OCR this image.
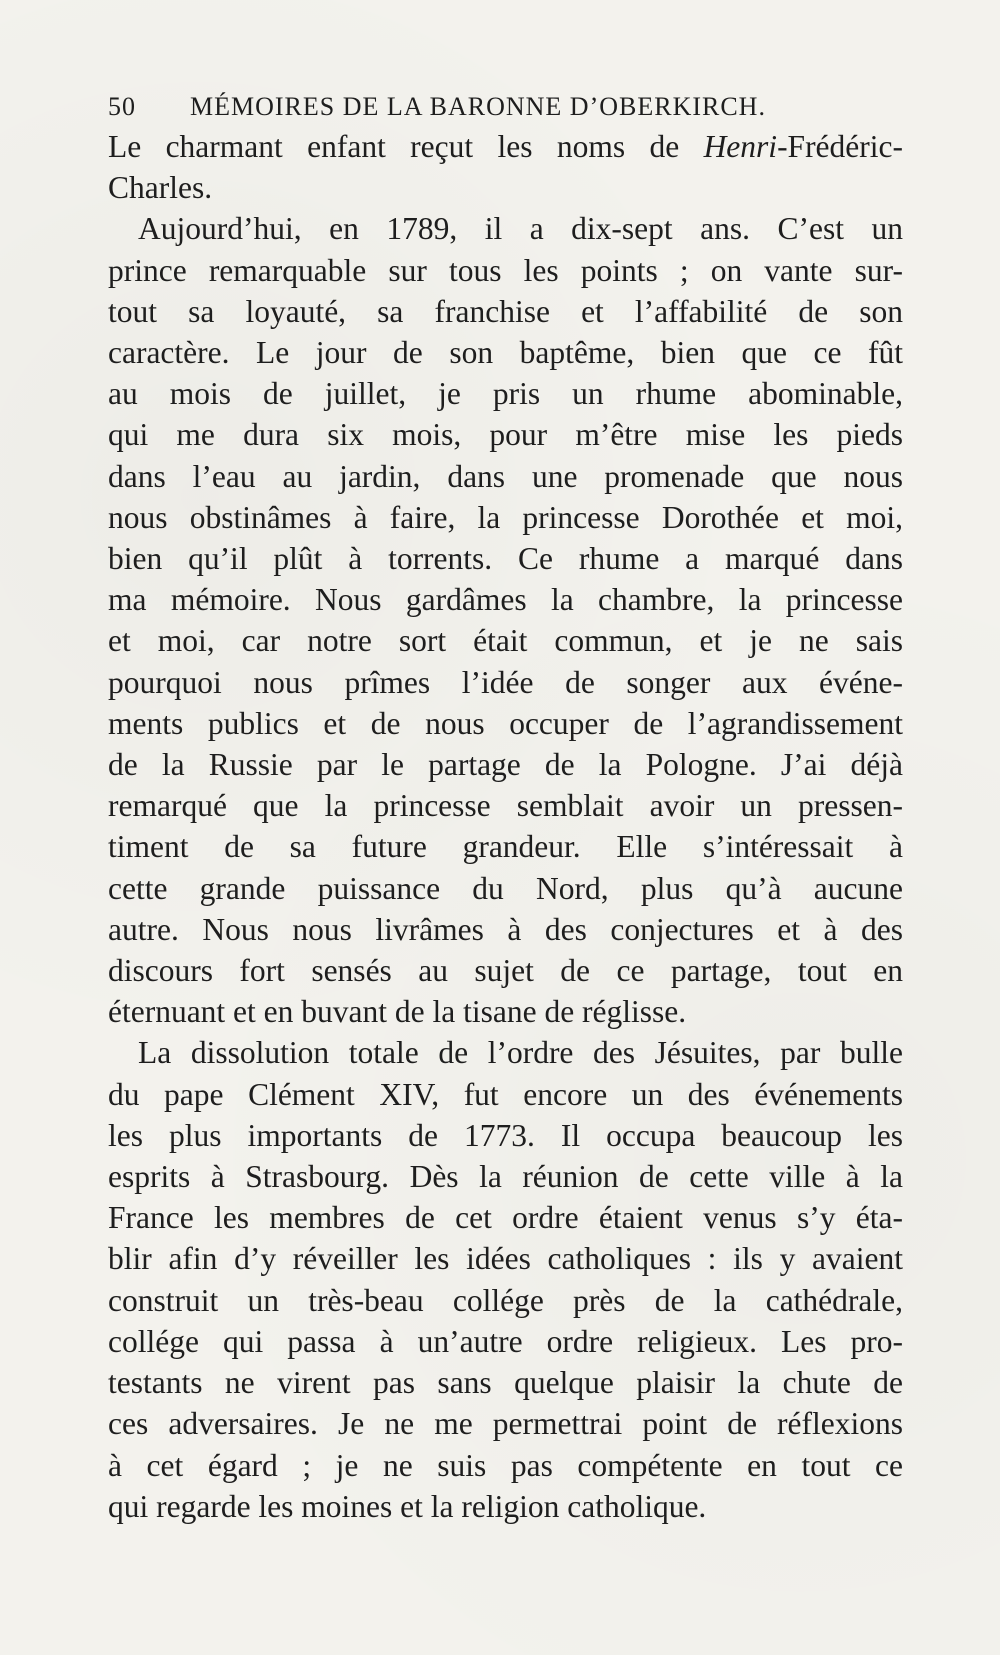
50	MÉMOIRES DE LA BARONNE D’OBERKIRCH.
Le charmant enfant reçut les noms de Henri-Frédéric-
Charles.
Aujourd’hui, en 1789, il a dix-sept ans. C’est un
prince remarquable sur tous les points ; on vante sur-
tout sa loyauté, sa franchise et l’affabilité de son
caractère. Le jour de son baptême, bien que ce fût
au mois de juillet, je pris un rhume abominable,
qui me dura six mois, pour m’être mise les pieds
dans l’eau au jardin, dans une promenade que nous
nous obstinâmes à faire, la princesse Dorothée et moi,
bien qu’il plût à torrents. Ce rhume a marqué dans
ma mémoire. Nous gardâmes la chambre, la princesse
et moi, car notre sort était commun, et je ne sais
pourquoi nous prîmes l’idée de songer aux événe-
ments publics et de nous occuper de l’agrandissement
de la Russie par le partage de la Pologne. J’ai déjà
remarqué que la princesse semblait avoir un pressen-
timent de sa future grandeur. Elle s’intéressait à
cette grande puissance du Nord, plus qu’à aucune
autre. Nous nous livrâmes à des conjectures et à des
discours fort sensés au sujet de ce partage, tout en
éternuant et en buvant de la tisane de réglisse.
La dissolution totale de l’ordre des Jésuites, par bulle
du pape Clément XIV, fut encore un des événements
les plus importants de 1773. Il occupa beaucoup les
esprits à Strasbourg. Dès la réunion de cette ville à la
France les membres de cet ordre étaient venus s’y éta-
blir afin d’y réveiller les idées catholiques : ils y avaient
construit un très-beau collége près de la cathédrale,
collége qui passa à un’autre ordre religieux. Les pro-
testants ne virent pas sans quelque plaisir la chute de
ces adversaires. Je ne me permettrai point de réflexions
à cet égard ; je ne suis pas compétente en tout ce
qui regarde les moines et la religion catholique.
